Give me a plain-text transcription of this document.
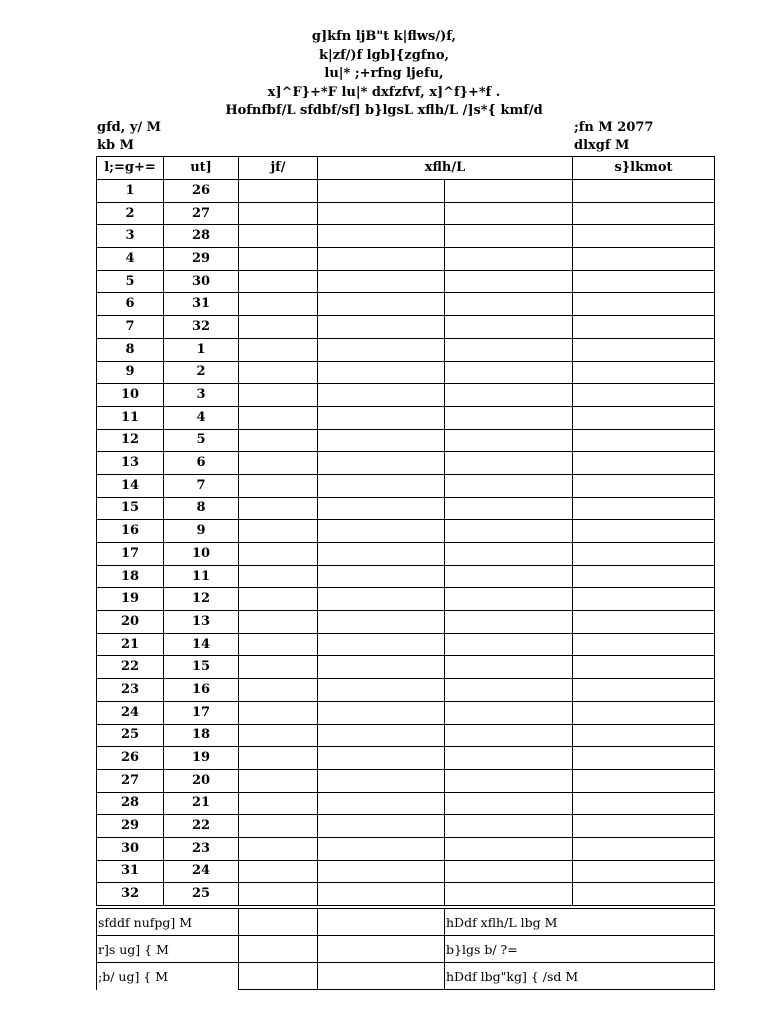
g]kfn ljB"t k|flws/)f,
k|zf/)f lgb]{zgfno,
lu|* ;+rfng ljefu,
x]^F}+*F lu|* dxfzfvf, x]^f}+*f .
Hofnfbf/L sfdbf/sf] b}lgsL xflh/L /]s*{ kmf/d
gfd, y/ M
kb M
;fn M 2077
dlxgf M
l;=g+=	ut]	jf/	xflh/L		s}lkmot
1	26				
2	27				
3	28				
4	29				
5	30				
6	31				
7	32				
8	1				
9	2				
10	3				
11	4				
12	5				
13	6				
14	7				
15	8				
16	9				
17	10				
18	11				
19	12				
20	13				
21	14				
22	15				
23	16				
24	17				
25	18				
26	19				
27	20				
28	21				
29	22				
30	23				
31	24				
32	25				
sfddf nufpg] M			hDdf xflh/L lbg M
r]s ug] { M			b}lgs b/ ?=
;b/ ug] { M			hDdf lbg"kg] { /sd M
